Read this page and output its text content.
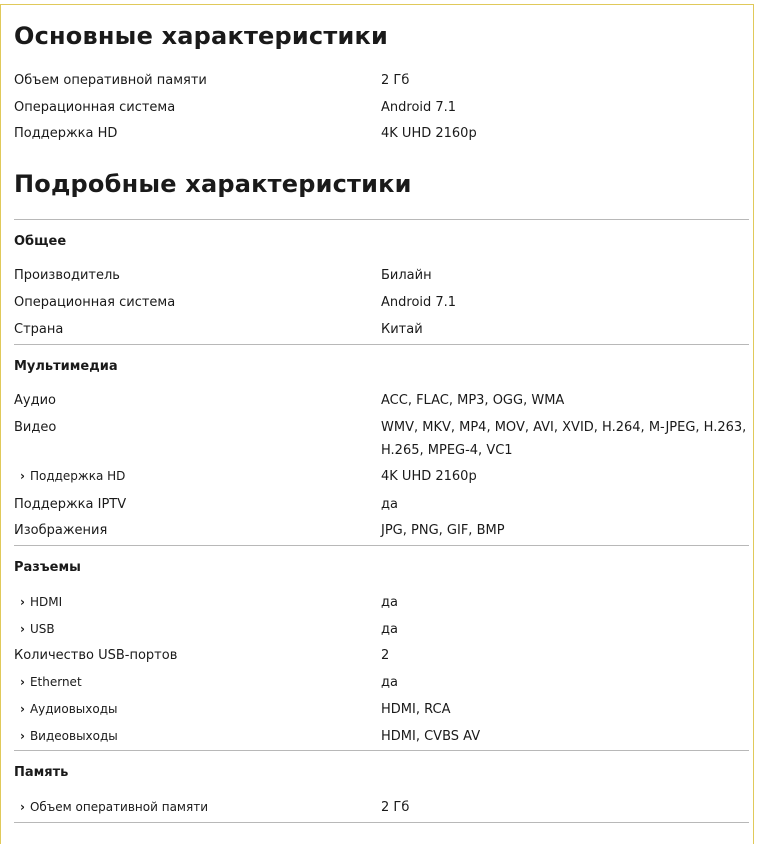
Основные характеристики
Объем оперативной памяти	2 Гб
Операционная система	Android 7.1
Поддержка HD	4K UHD 2160p
Подробные характеристики
Общее
Производитель	Билайн
Операционная система	Android 7.1
Страна	Китай
Мультимедиа
Аудио	ACC, FLAC, MP3, OGG, WMA
Видео	WMV, MKV, MP4, MOV, AVI, XVID, H.264, M-JPEG, H.263, H.265, MPEG-4, VC1
› Поддержка HD	4K UHD 2160p
Поддержка IPTV	да
Изображения	JPG, PNG, GIF, BMP
Разъемы
› HDMI	да
› USB	да
Количество USB-портов	2
› Ethernet	да
› Аудиовыходы	HDMI, RCA
› Видеовыходы	HDMI, CVBS AV
Память
› Объем оперативной памяти	2 Гб
